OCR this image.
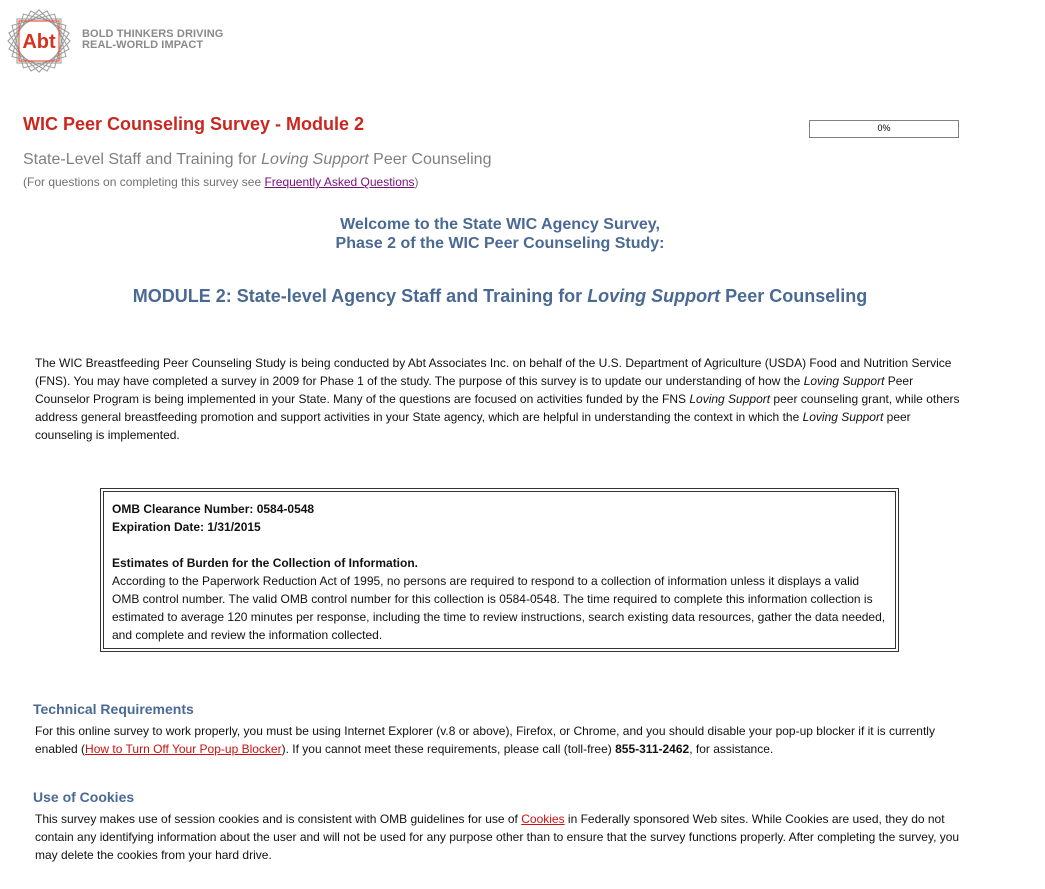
Abt BOLD THINKERS DRIVING
REAL-WORLD IMPACT
WIC Peer Counseling Survey - Module 2	0%
State-Level Staff and Training for Loving Support Peer Counseling
(For questions on completing this survey see Frequently Asked Questions)
Welcome to the State WIC Agency Survey,
Phase 2 of the WIC Peer Counseling Study:
MODULE 2: State-level Agency Staff and Training for Loving Support Peer Counseling
The WIC Breastfeeding Peer Counseling Study is being conducted by Abt Associates Inc. on behalf of the U.S. Department of Agriculture (USDA) Food and Nutrition Service (FNS). You may have completed a survey in 2009 for Phase 1 of the study. The purpose of this survey is to update our understanding of how the Loving Support Peer Counselor Program is being implemented in your State. Many of the questions are focused on activities funded by the FNS Loving Support peer counseling grant, while others address general breastfeeding promotion and support activities in your State agency, which are helpful in understanding the context in which the Loving Support peer counseling is implemented.
OMB Clearance Number: 0584-0548
Expiration Date: 1/31/2015
Estimates of Burden for the Collection of Information.
According to the Paperwork Reduction Act of 1995, no persons are required to respond to a collection of information unless it displays a valid OMB control number. The valid OMB control number for this collection is 0584-0548. The time required to complete this information collection is estimated to average 120 minutes per response, including the time to review instructions, search existing data resources, gather the data needed, and complete and review the information collected.
Technical Requirements
For this online survey to work properly, you must be using Internet Explorer (v.8 or above), Firefox, or Chrome, and you should disable your pop-up blocker if it is currently enabled (How to Turn Off Your Pop-up Blocker). If you cannot meet these requirements, please call (toll-free) 855-311-2462, for assistance.
Use of Cookies
This survey makes use of session cookies and is consistent with OMB guidelines for use of Cookies in Federally sponsored Web sites. While Cookies are used, they do not contain any identifying information about the user and will not be used for any purpose other than to ensure that the survey functions properly. After completing the survey, you may delete the cookies from your hard drive.
